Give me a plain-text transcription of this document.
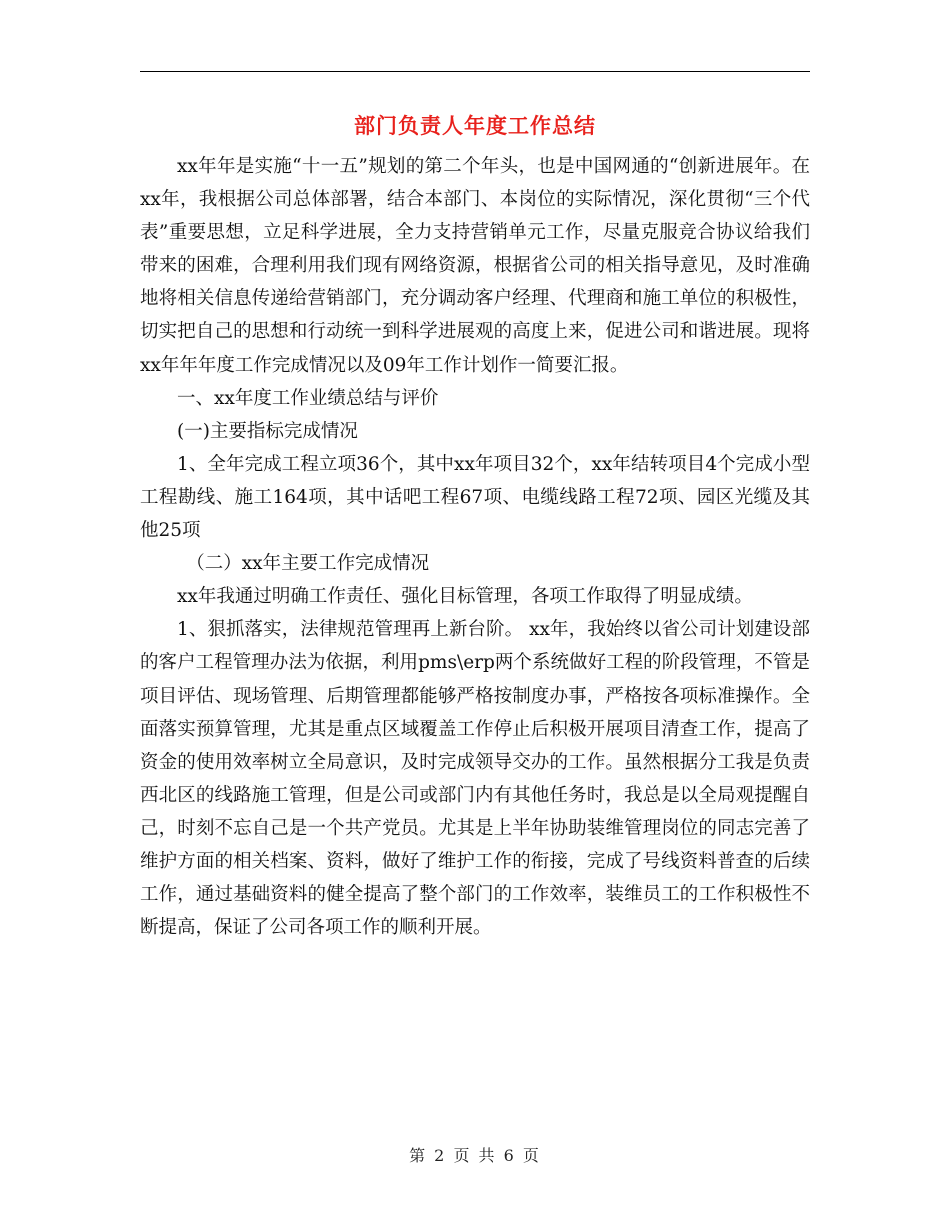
部门负责人年度工作总结

xx年年是实施“十一五”规划的第二个年头，也是中国网通的“创新进展年。在xx年，我根据公司总体部署，结合本部门、本岗位的实际情况，深化贯彻“三个代表”重要思想，立足科学进展，全力支持营销单元工作，尽量克服竞合协议给我们带来的困难，合理利用我们现有网络资源，根据省公司的相关指导意见，及时准确地将相关信息传递给营销部门，充分调动客户经理、代理商和施工单位的积极性，切实把自己的思想和行动统一到科学进展观的高度上来，促进公司和谐进展。现将xx年年年度工作完成情况以及09年工作计划作一简要汇报。

一、xx年度工作业绩总结与评价

(一)主要指标完成情况

1、全年完成工程立项36个，其中xx年项目32个，xx年结转项目4个完成小型工程勘线、施工164项，其中话吧工程67项、电缆线路工程72项、园区光缆及其他25项

（二）xx年主要工作完成情况

xx年我通过明确工作责任、强化目标管理，各项工作取得了明显成绩。

1、狠抓落实，法律规范管理再上新台阶。 xx年，我始终以省公司计划建设部的客户工程管理办法为依据，利用pms\erp两个系统做好工程的阶段管理，不管是项目评估、现场管理、后期管理都能够严格按制度办事，严格按各项标准操作。全面落实预算管理，尤其是重点区域覆盖工作停止后积极开展项目清查工作，提高了资金的使用效率树立全局意识，及时完成领导交办的工作。虽然根据分工我是负责西北区的线路施工管理，但是公司或部门内有其他任务时，我总是以全局观提醒自己，时刻不忘自己是一个共产党员。尤其是上半年协助装维管理岗位的同志完善了维护方面的相关档案、资料，做好了维护工作的衔接，完成了号线资料普查的后续工作，通过基础资料的健全提高了整个部门的工作效率，装维员工的工作积极性不断提高，保证了公司各项工作的顺利开展。

第 2 页 共 6 页
